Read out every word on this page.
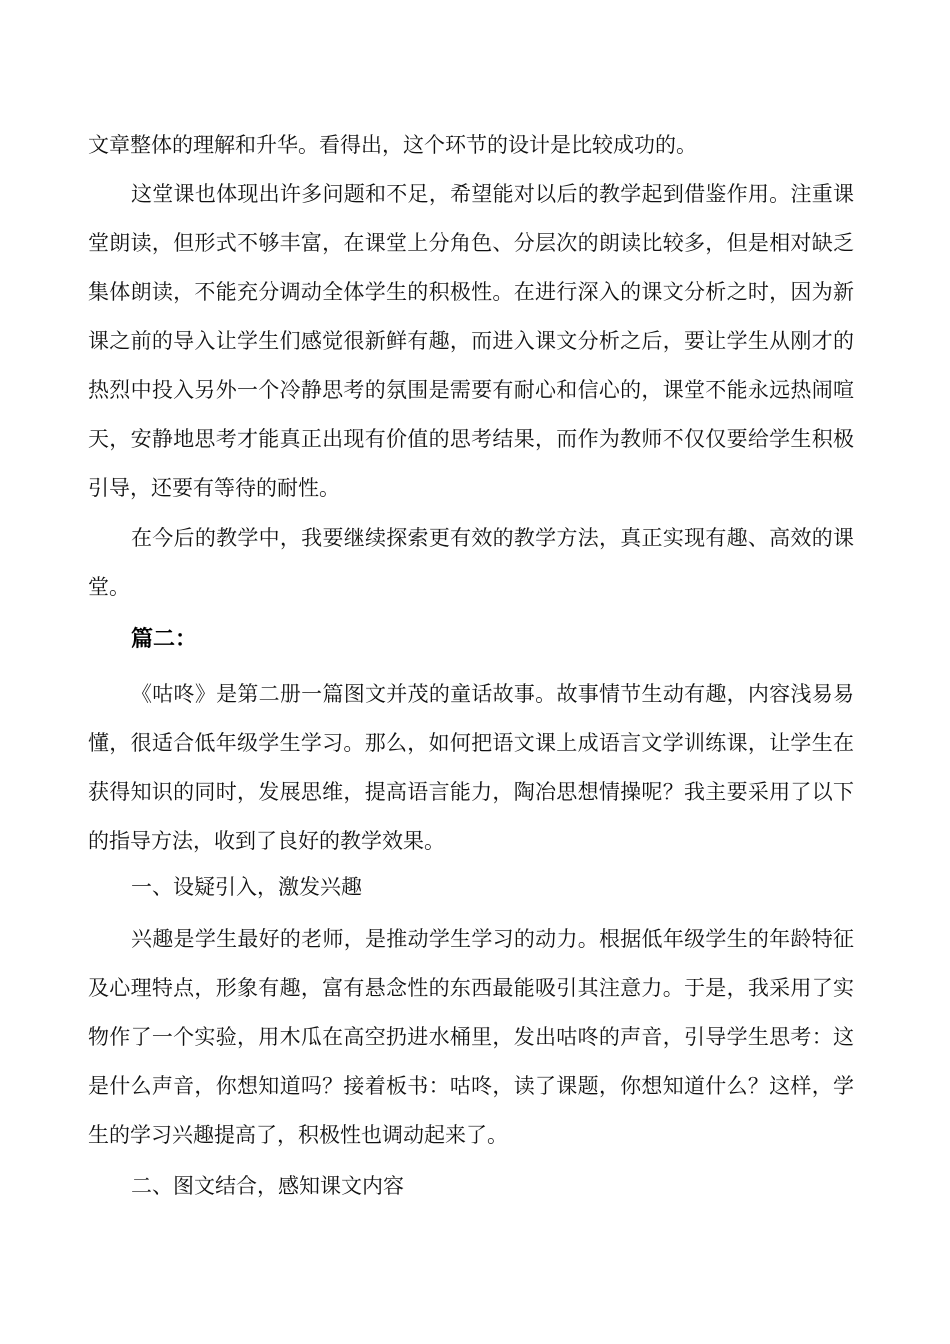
文章整体的理解和升华。看得出，这个环节的设计是比较成功的。

这堂课也体现出许多问题和不足，希望能对以后的教学起到借鉴作用。注重课堂朗读，但形式不够丰富，在课堂上分角色、分层次的朗读比较多，但是相对缺乏集体朗读，不能充分调动全体学生的积极性。在进行深入的课文分析之时，因为新课之前的导入让学生们感觉很新鲜有趣，而进入课文分析之后，要让学生从刚才的热烈中投入另外一个冷静思考的氛围是需要有耐心和信心的，课堂不能永远热闹喧天，安静地思考才能真正出现有价值的思考结果，而作为教师不仅仅要给学生积极引导，还要有等待的耐性。

在今后的教学中，我要继续探索更有效的教学方法，真正实现有趣、高效的课堂。

篇二：

《咕咚》是第二册一篇图文并茂的童话故事。故事情节生动有趣，内容浅易易懂，很适合低年级学生学习。那么，如何把语文课上成语言文学训练课，让学生在获得知识的同时，发展思维，提高语言能力，陶冶思想情操呢？我主要采用了以下的指导方法，收到了良好的教学效果。

一、设疑引入，激发兴趣

兴趣是学生最好的老师，是推动学生学习的动力。根据低年级学生的年龄特征及心理特点，形象有趣，富有悬念性的东西最能吸引其注意力。于是，我采用了实物作了一个实验，用木瓜在高空扔进水桶里，发出咕咚的声音，引导学生思考：这是什么声音，你想知道吗？接着板书：咕咚，读了课题，你想知道什么？这样，学生的学习兴趣提高了，积极性也调动起来了。

二、图文结合，感知课文内容
